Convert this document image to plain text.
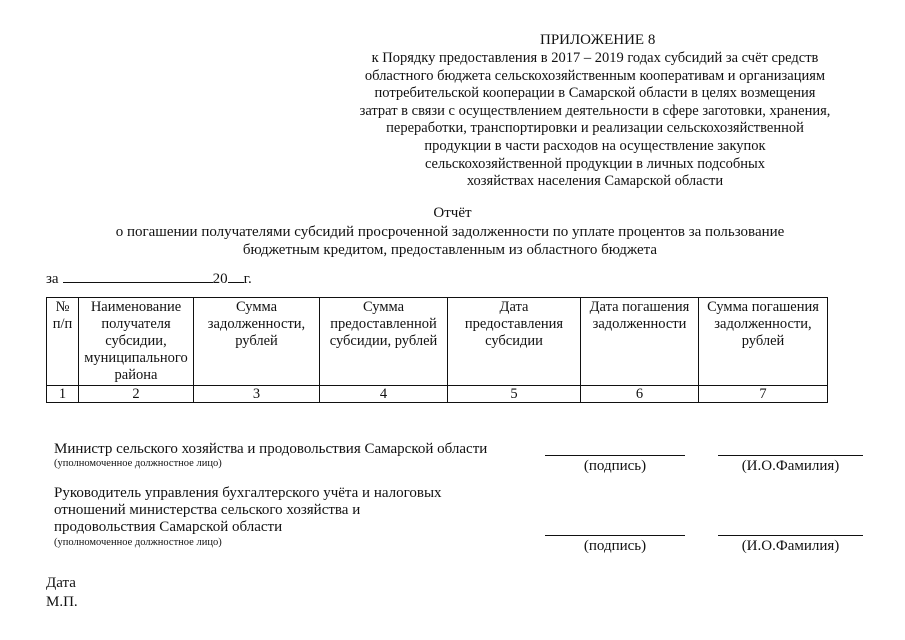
ПРИЛОЖЕНИЕ 8
к Порядку предоставления в 2017 – 2019 годах субсидий за счёт средств
областного бюджета сельскохозяйственным кооперативам и организациям
потребительской кооперации в Самарской области в целях возмещения
затрат в связи с осуществлением деятельности в сфере заготовки, хранения,
переработки, транспортировки и реализации сельскохозяйственной
продукции в части расходов на осуществление закупок
сельскохозяйственной продукции в личных подсобных
хозяйствах населения Самарской области
Отчёт
о погашении получателями субсидий просроченной задолженности по уплате процентов за пользование
бюджетным кредитом, предоставленным из областного бюджета
за	20 г.
№ п/п	Наименование получателя субсидии, муниципального района	Сумма задолженности, рублей	Сумма предоставленной субсидии, рублей	Дата предоставления субсидии	Дата погашения задолженности	Сумма погашения задолженности, рублей
1	2	3	4	5	6	7
Министр сельского хозяйства и продовольствия Самарской области
(уполномоченное должностное лицо)	(подпись)	(И.О.Фамилия)
Руководитель управления бухгалтерского учёта и налоговых
отношений министерства сельского хозяйства и
продовольствия Самарской области
(уполномоченное должностное лицо)	(подпись)	(И.О.Фамилия)
Дата
М.П.
